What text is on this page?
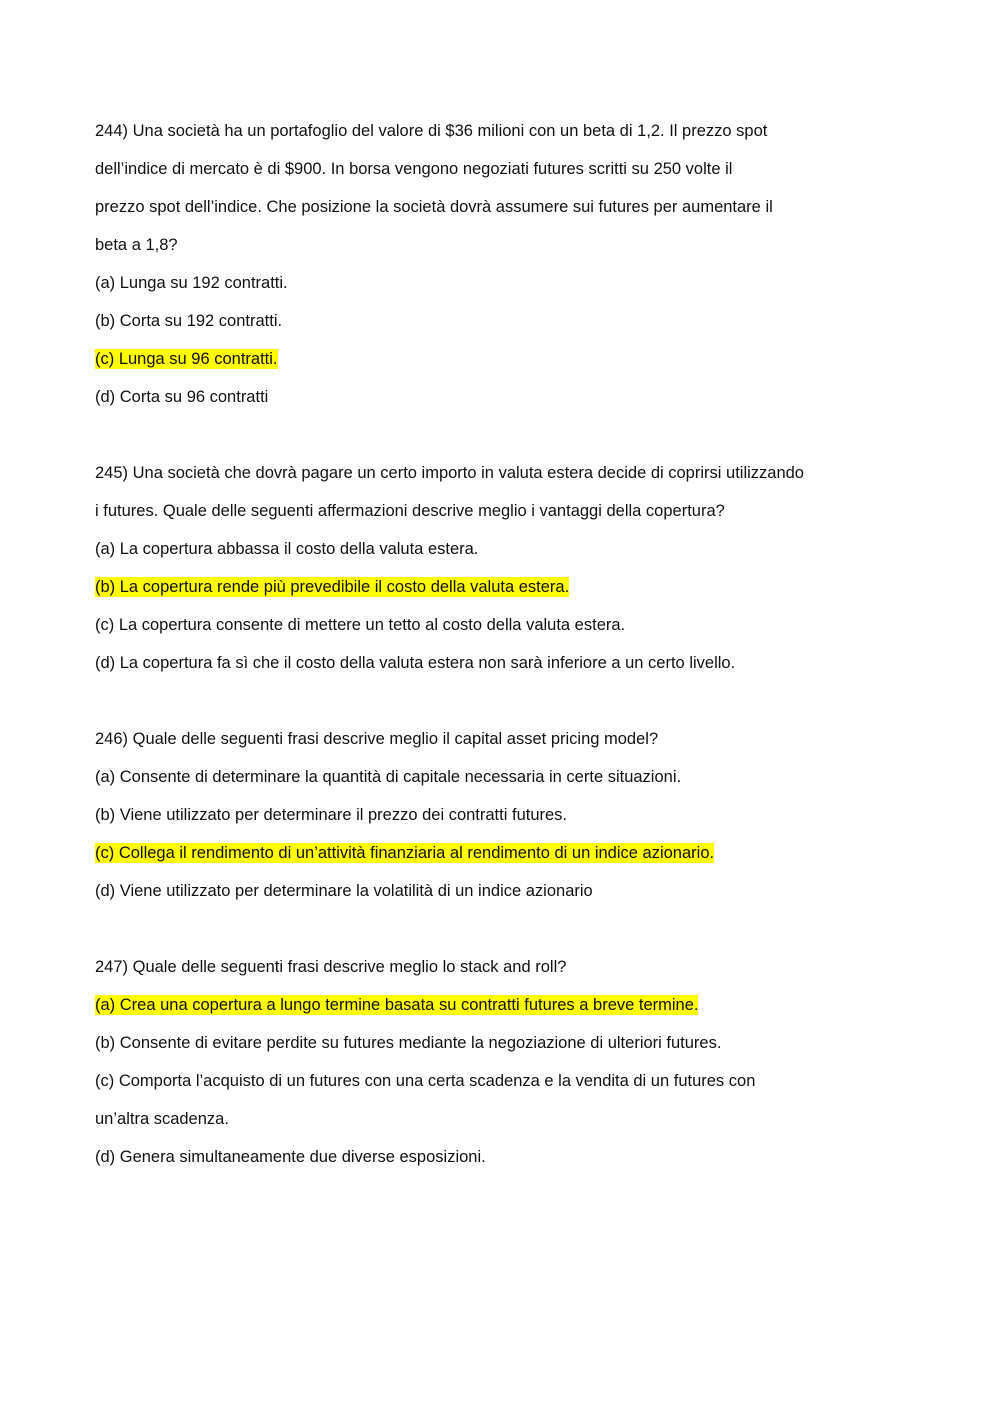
244) Una società ha un portafoglio del valore di $36 milioni con un beta di 1,2. Il prezzo spot
dell’indice di mercato è di $900. In borsa vengono negoziati futures scritti su 250 volte il
prezzo spot dell’indice. Che posizione la società dovrà assumere sui futures per aumentare il
beta a 1,8?
(a) Lunga su 192 contratti.
(b) Corta su 192 contratti.
(c) Lunga su 96 contratti.
(d) Corta su 96 contratti
245) Una società che dovrà pagare un certo importo in valuta estera decide di coprirsi utilizzando
i futures. Quale delle seguenti affermazioni descrive meglio i vantaggi della copertura?
(a) La copertura abbassa il costo della valuta estera.
(b) La copertura rende più prevedibile il costo della valuta estera.
(c) La copertura consente di mettere un tetto al costo della valuta estera.
(d) La copertura fa sì che il costo della valuta estera non sarà inferiore a un certo livello.
246) Quale delle seguenti frasi descrive meglio il capital asset pricing model?
(a) Consente di determinare la quantità di capitale necessaria in certe situazioni.
(b) Viene utilizzato per determinare il prezzo dei contratti futures.
(c) Collega il rendimento di un’attività finanziaria al rendimento di un indice azionario.
(d) Viene utilizzato per determinare la volatilità di un indice azionario
247) Quale delle seguenti frasi descrive meglio lo stack and roll?
(a) Crea una copertura a lungo termine basata su contratti futures a breve termine.
(b) Consente di evitare perdite su futures mediante la negoziazione di ulteriori futures.
(c) Comporta l’acquisto di un futures con una certa scadenza e la vendita di un futures con
un’altra scadenza.
(d) Genera simultaneamente due diverse esposizioni.
